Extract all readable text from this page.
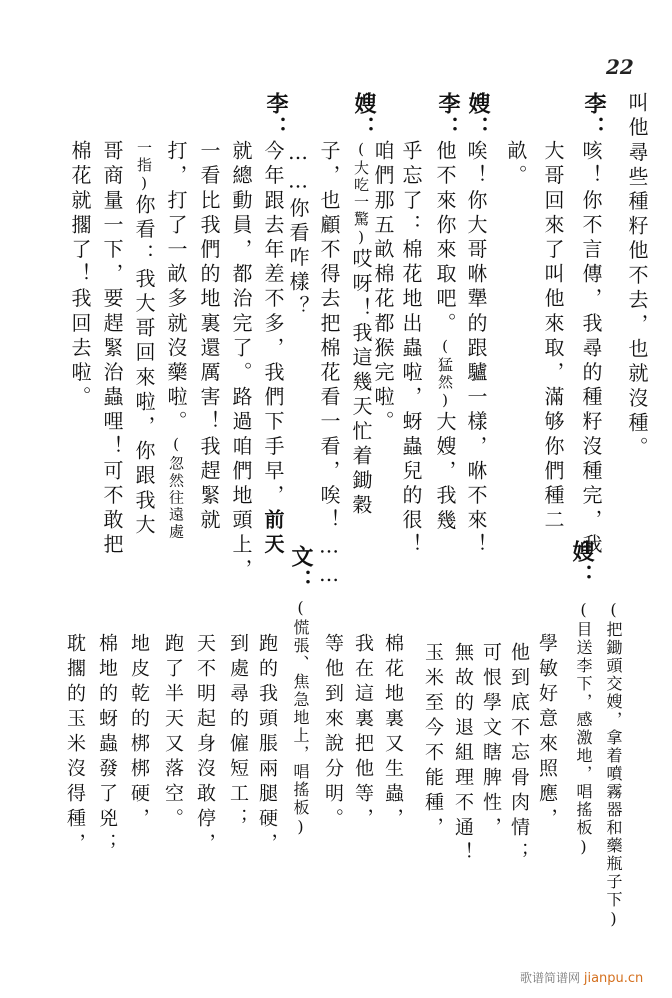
22
叫他尋些種籽他不去，也就沒種。
李：
咳！你不言傳，我尋的種籽沒種完，我
大哥回來了叫他來取，滿够你們種二
畝。
嫂：
唉！你大哥咻犟的跟驢一樣，咻不來！
李：
他不來你來取吧。(猛然)大嫂，我幾
乎忘了：棉花地出蟲啦，蚜蟲兒的很！
咱們那五畝棉花都猴完啦。
嫂：
(大吃一驚)哎呀！我這幾天忙着鋤穀
子，也顧不得去把棉花看一看，唉！……
……你看咋樣？
李：
今年跟去年差不多，我們下手早，前天
就總動員，都治完了。路過咱們地頭上，
一看比我們的地裏還厲害！我趕緊就
打，打了一畝多就沒藥啦。(忽然往遠處
一指)你看：我大哥回來啦，你跟我大
哥商量一下，要趕緊治蟲哩！可不敢把
棉花就擱了！我回去啦。
嫂：
(把鋤頭交嫂，拿着噴霧器和藥瓶子下)
(目送李下，感激地，唱搖板)
學敏好意來照應，
他到底不忘骨肉情；
可恨學文瞎脾性，
無故的退組理不通！
玉米至今不能種，
棉花地裏又生蟲，
我在這裏把他等，
等他到來說分明。
文：
(慌張、焦急地上，唱搖板)
跑的我頭脹兩腿硬，
到處尋的僱短工；
天不明起身沒敢停，
跑了半天又落空。
地皮乾的梆梆硬，
棉地的蚜蟲發了兇；
耽擱的玉米沒得種，
歌谱简谱网 jianpu.cn
